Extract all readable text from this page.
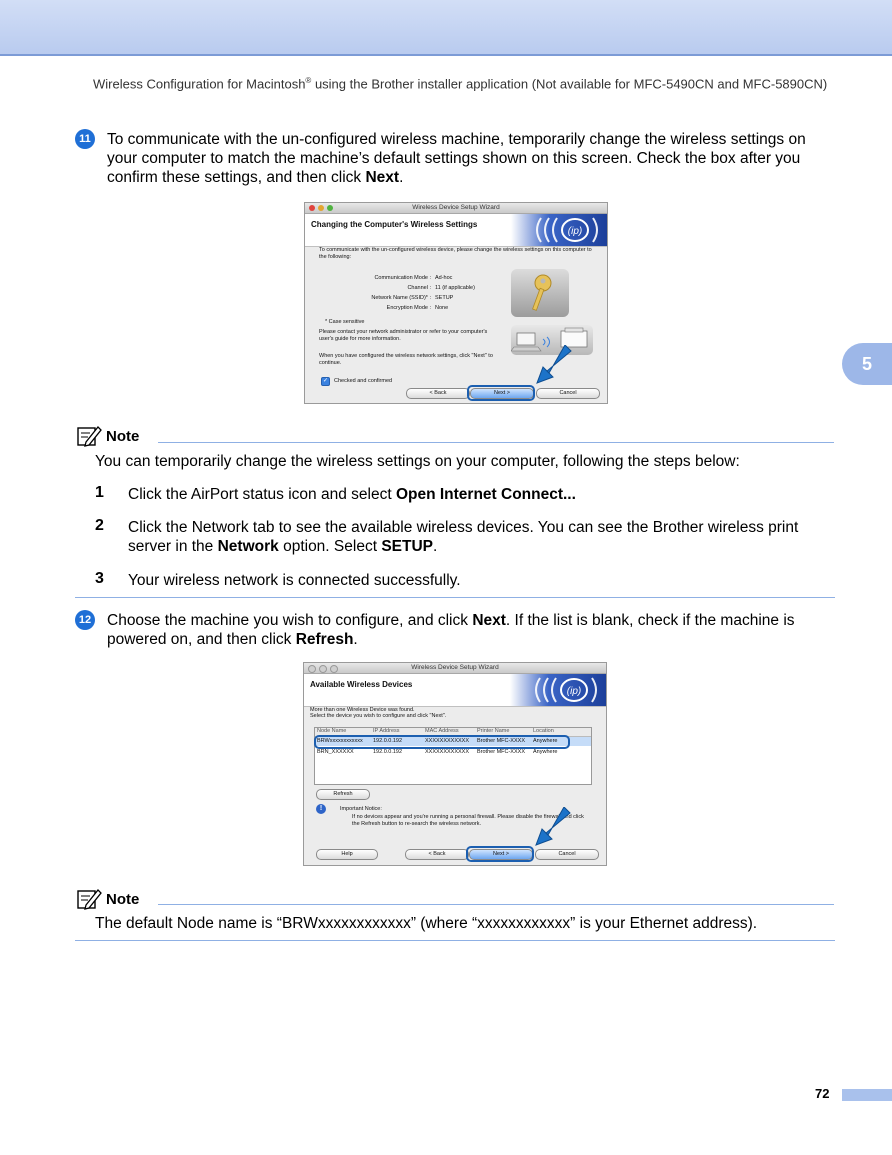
Wireless Configuration for Macintosh® using the Brother installer application (Not available for MFC-5490CN and MFC-5890CN)
5
11 To communicate with the un-configured wireless machine, temporarily change the wireless settings on your computer to match the machine’s default settings shown on this screen. Check the box after you confirm these settings, and then click Next.
Wireless Device Setup Wizard
Changing the Computer's Wireless Settings
(ip)
To communicate with the un-configured wireless device, please change the wireless settings on this computer to the following:
Communication Mode : Ad-hoc
Channel : 11 (if applicable)
Network Name (SSID)* : SETUP
Encryption Mode : None
* Case sensitive
Please contact your network administrator or refer to your computer's user's guide for more information.
When you have configured the wireless network settings, click "Next" to continue.
✓	Checked and confirmed
< Back	Next >	Cancel
Note
You can temporarily change the wireless settings on your computer, following the steps below:
1 Click the AirPort status icon and select Open Internet Connect...
2 Click the Network tab to see the available wireless devices. You can see the Brother wireless print server in the Network option. Select SETUP.
3 Your wireless network is connected successfully.
12 Choose the machine you wish to configure, and click Next. If the list is blank, check if the machine is powered on, and then click Refresh.
Wireless Device Setup Wizard
Available Wireless Devices
(ip)
More than one Wireless Device was found.
Select the device you wish to configure and click "Next".
Node Name	IP Address	MAC Address	Printer Name	Location
BRWxxxxxxxxxxxx	192.0.0.192	XXXXXXXXXXXX	Brother MFC-XXXX	Anywhere
BRN_XXXXXX	192.0.0.192	XXXXXXXXXXXX	Brother MFC-XXXX	Anywhere
Refresh
!	Important Notice:
If no devices appear and you're running a personal firewall. Please disable the firewall and click the Refresh button to re-search the wireless network.
Help	< Back	Next >	Cancel
Note
The default Node name is “BRWxxxxxxxxxxxx” (where “xxxxxxxxxxxx” is your Ethernet address).
72
